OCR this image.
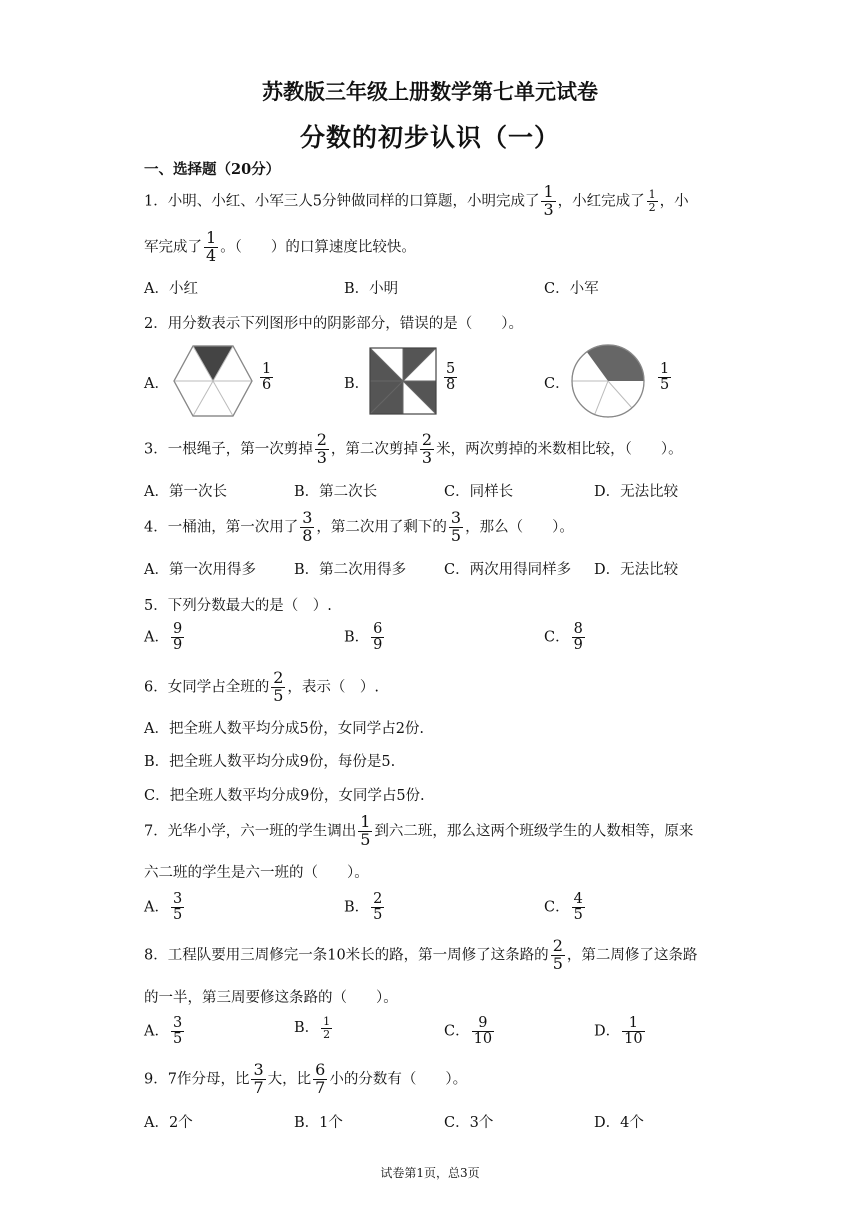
苏教版三年级上册数学第七单元试卷
分数的初步认识（一）
一、选择题（20分）
1．小明、小红、小军三人5分钟做同样的口算题，小明完成了 $\frac{1}{3}$ ，小红完成了 $\frac{1}{2}$ ，小
军完成了 $\frac{1}{4}$ 。（　　）的口算速度比较快。
A．小红	B．小明	C．小军
2．用分数表示下列图形中的阴影部分，错误的是（　　）。
A．	$\frac{1}{6}$	B．	$\frac{5}{8}$	C．	$\frac{1}{5}$
3．一根绳子，第一次剪掉 $\frac{2}{3}$ ，第二次剪掉 $\frac{2}{3}$ 米，两次剪掉的米数相比较，（　　）。
A．第一次长	B．第二次长	C．同样长	D．无法比较
4．一桶油，第一次用了 $\frac{3}{8}$ ，第二次用了剩下的 $\frac{3}{5}$ ，那么（　　）。
A．第一次用得多	B．第二次用得多	C．两次用得同样多 D．无法比较
5．下列分数最大的是（　）.
A． $\frac{9}{9}$	B． $\frac{6}{9}$	C． $\frac{8}{9}$
6．女同学占全班的 $\frac{2}{5}$ ，表示（　）.
A．把全班人数平均分成5份，女同学占2份.
B．把全班人数平均分成9份，每份是5.
C．把全班人数平均分成9份，女同学占5份.
7．光华小学，六一班的学生调出 $\frac{1}{5}$ 到六二班，那么这两个班级学生的人数相等，原来
六二班的学生是六一班的（　　）。
A． $\frac{3}{5}$	B． $\frac{2}{5}$	C． $\frac{4}{5}$
8．工程队要用三周修完一条10米长的路，第一周修了这条路的 $\frac{2}{5}$ ，第二周修了这条路
的一半，第三周要修这条路的（　　）。
A． $\frac{3}{5}$	B． $\frac{1}{2}$	C． $\frac{9}{10}$	D． $\frac{1}{10}$
9．7作分母，比 $\frac{3}{7}$ 大，比 $\frac{6}{7}$ 小的分数有（　　）。
A．2个	B．1个	C．3个	D．4个
试卷第1页，总3页
